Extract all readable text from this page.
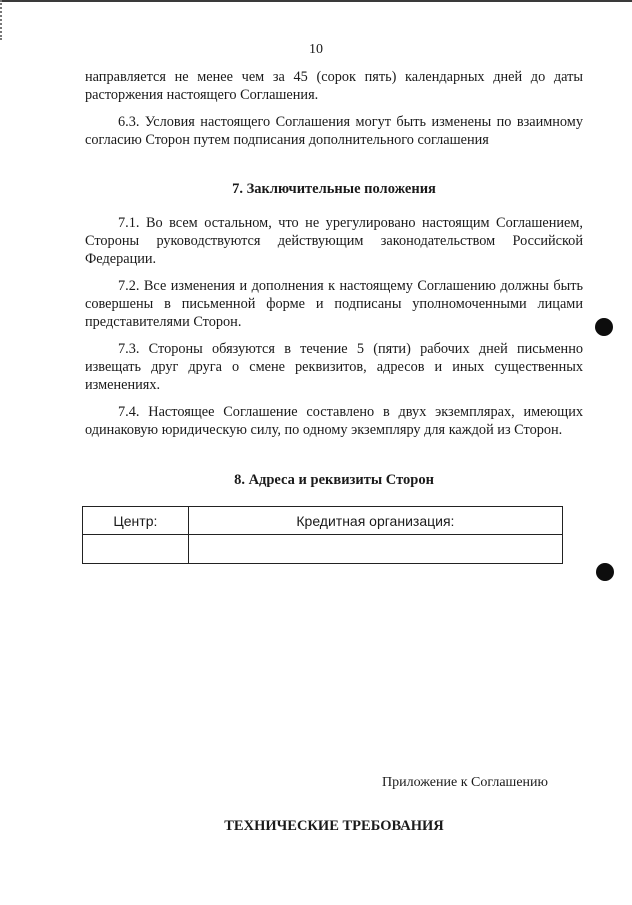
10

направляется не менее чем за 45 (сорок пять) календарных дней до даты расторжения настоящего Соглашения.

6.3. Условия настоящего Соглашения могут быть изменены по взаимному согласию Сторон путем подписания дополнительного соглашения

7. Заключительные положения

7.1. Во всем остальном, что не урегулировано настоящим Соглашением, Стороны руководствуются действующим законодательством Российской Федерации.

7.2. Все изменения и дополнения к настоящему Соглашению должны быть совершены в письменной форме и подписаны уполномоченными лицами представителями Сторон.

7.3. Стороны обязуются в течение 5 (пяти) рабочих дней письменно извещать друг друга о смене реквизитов, адресов и иных существенных изменениях.

7.4. Настоящее Соглашение составлено в двух экземплярах, имеющих одинаковую юридическую силу, по одному экземпляру для каждой из Сторон.

8. Адреса и реквизиты Сторон
Центр:	Кредитная организация:

Приложение к Соглашению
ТЕХНИЧЕСКИЕ ТРЕБОВАНИЯ
